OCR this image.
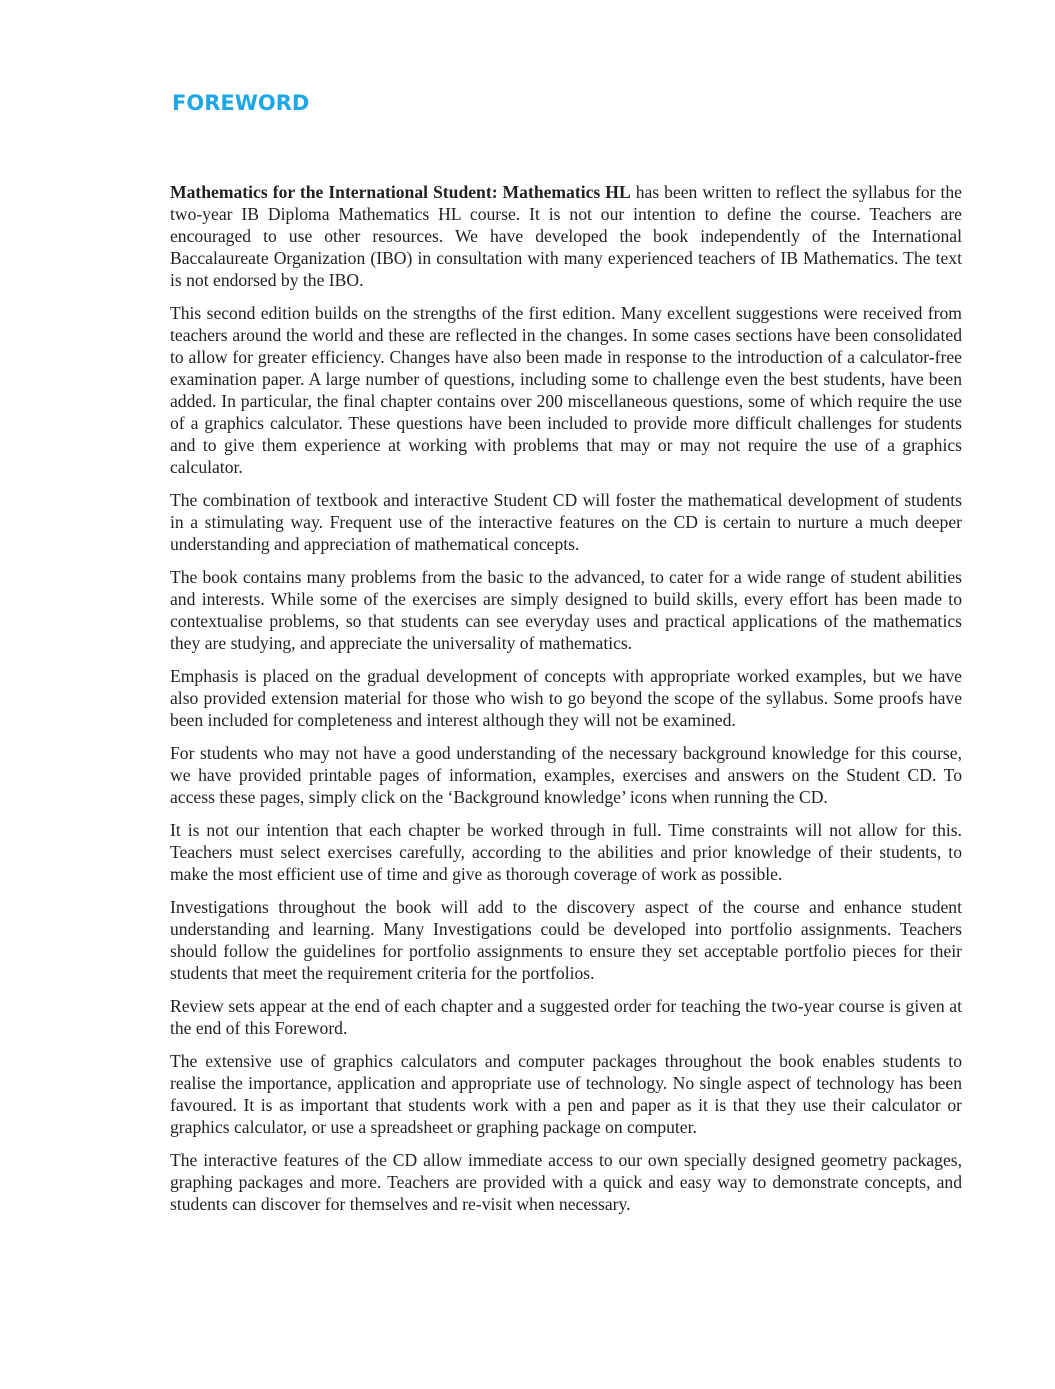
FOREWORD

Mathematics for the International Student: Mathematics HL has been written to reflect the syllabus for the two-year IB Diploma Mathematics HL course. It is not our intention to define the course. Teachers are encouraged to use other resources. We have developed the book independently of the International Baccalaureate Organization (IBO) in consultation with many experienced teachers of IB Mathematics. The text is not endorsed by the IBO.

This second edition builds on the strengths of the first edition. Many excellent suggestions were received from teachers around the world and these are reflected in the changes. In some cases sections have been consolidated to allow for greater efficiency. Changes have also been made in response to the introduction of a calculator-free examination paper. A large number of questions, including some to challenge even the best students, have been added. In particular, the final chapter contains over 200 miscellaneous questions, some of which require the use of a graphics calculator. These questions have been included to provide more difficult challenges for students and to give them experience at working with problems that may or may not require the use of a graphics calculator.

The combination of textbook and interactive Student CD will foster the mathematical development of students in a stimulating way. Frequent use of the interactive features on the CD is certain to nurture a much deeper understanding and appreciation of mathematical concepts.

The book contains many problems from the basic to the advanced, to cater for a wide range of student abilities and interests. While some of the exercises are simply designed to build skills, every effort has been made to contextualise problems, so that students can see everyday uses and practical applications of the mathematics they are studying, and appreciate the universality of mathematics.

Emphasis is placed on the gradual development of concepts with appropriate worked examples, but we have also provided extension material for those who wish to go beyond the scope of the syllabus. Some proofs have been included for completeness and interest although they will not be examined.

For students who may not have a good understanding of the necessary background knowledge for this course, we have provided printable pages of information, examples, exercises and answers on the Student CD. To access these pages, simply click on the ‘Background knowledge’ icons when running the CD.

It is not our intention that each chapter be worked through in full. Time constraints will not allow for this. Teachers must select exercises carefully, according to the abilities and prior knowledge of their students, to make the most efficient use of time and give as thorough coverage of work as possible.

Investigations throughout the book will add to the discovery aspect of the course and enhance student understanding and learning. Many Investigations could be developed into portfolio assignments. Teachers should follow the guidelines for portfolio assignments to ensure they set acceptable portfolio pieces for their students that meet the requirement criteria for the portfolios.

Review sets appear at the end of each chapter and a suggested order for teaching the two-year course is given at the end of this Foreword.

The extensive use of graphics calculators and computer packages throughout the book enables students to realise the importance, application and appropriate use of technology. No single aspect of technology has been favoured. It is as important that students work with a pen and paper as it is that they use their calculator or graphics calculator, or use a spreadsheet or graphing package on computer.

The interactive features of the CD allow immediate access to our own specially designed geometry packages, graphing packages and more. Teachers are provided with a quick and easy way to demonstrate concepts, and students can discover for themselves and re-visit when necessary.
